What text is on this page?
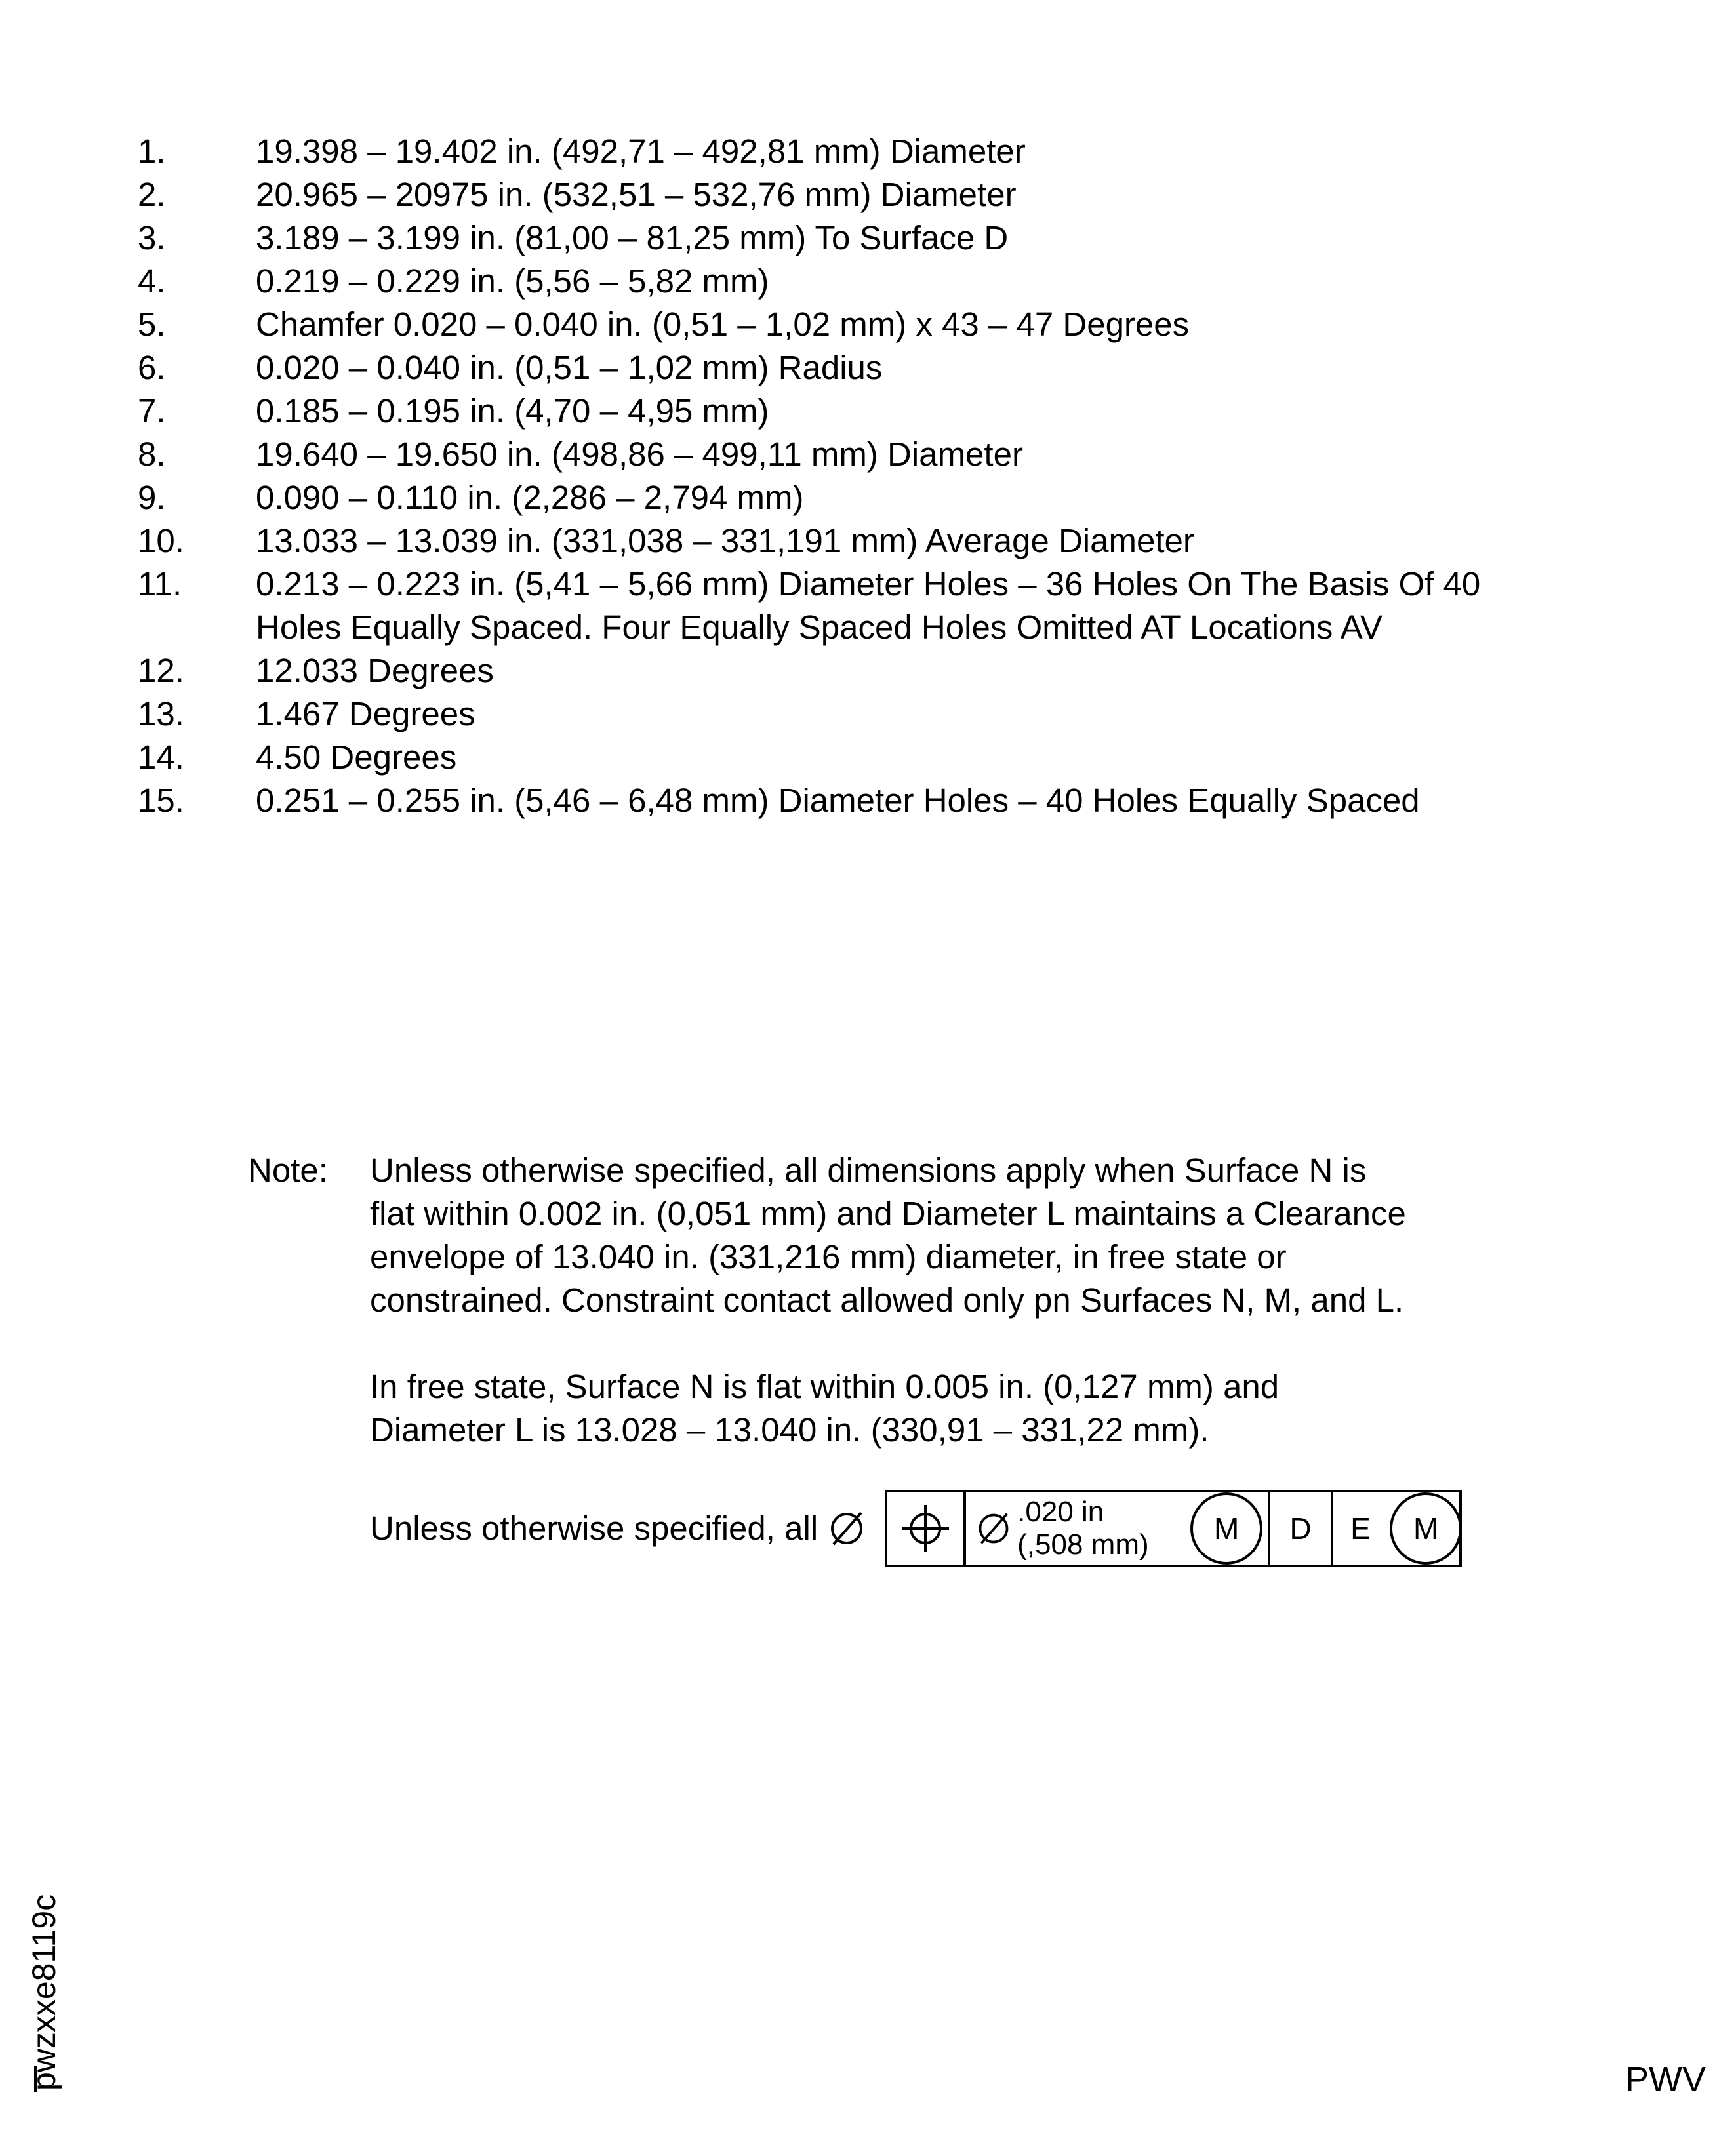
1.	19.398 – 19.402 in. (492,71 – 492,81 mm) Diameter
2.	20.965 – 20975 in. (532,51 – 532,76 mm) Diameter
3.	3.189 – 3.199 in. (81,00 – 81,25 mm) To Surface D
4.	0.219 – 0.229 in. (5,56 – 5,82 mm)
5.	Chamfer 0.020 – 0.040 in. (0,51 – 1,02 mm) x 43 – 47 Degrees
6.	0.020 – 0.040 in. (0,51 – 1,02 mm) Radius
7.	0.185 – 0.195 in. (4,70 – 4,95 mm)
8.	19.640 – 19.650 in. (498,86 – 499,11 mm) Diameter
9.	0.090 – 0.110 in. (2,286 – 2,794 mm)
10.	13.033 – 13.039 in. (331,038 – 331,191 mm) Average Diameter
11.	0.213 – 0.223 in. (5,41 – 5,66 mm) Diameter Holes – 36 Holes On The Basis Of 40 Holes Equally Spaced. Four Equally Spaced Holes Omitted AT Locations AV
12.	12.033 Degrees
13.	1.467 Degrees
14.	4.50 Degrees
15.	0.251 – 0.255 in. (5,46 – 6,48 mm) Diameter Holes – 40 Holes Equally Spaced
Note:	Unless otherwise specified, all dimensions apply when Surface N is flat within 0.002 in. (0,051 mm) and Diameter L maintains a Clearance envelope of 13.040 in. (331,216 mm) diameter, in free state or constrained. Constraint contact allowed only pn Surfaces N, M, and L.

In free state, Surface N is flat within 0.005 in. (0,127 mm) and Diameter L is 13.028 – 13.040 in. (330,91 – 331,22 mm).

Unless otherwise specified, all	.020 in
(,508 mm)	M	D	E	M
pwzxxe8119c	PWV
